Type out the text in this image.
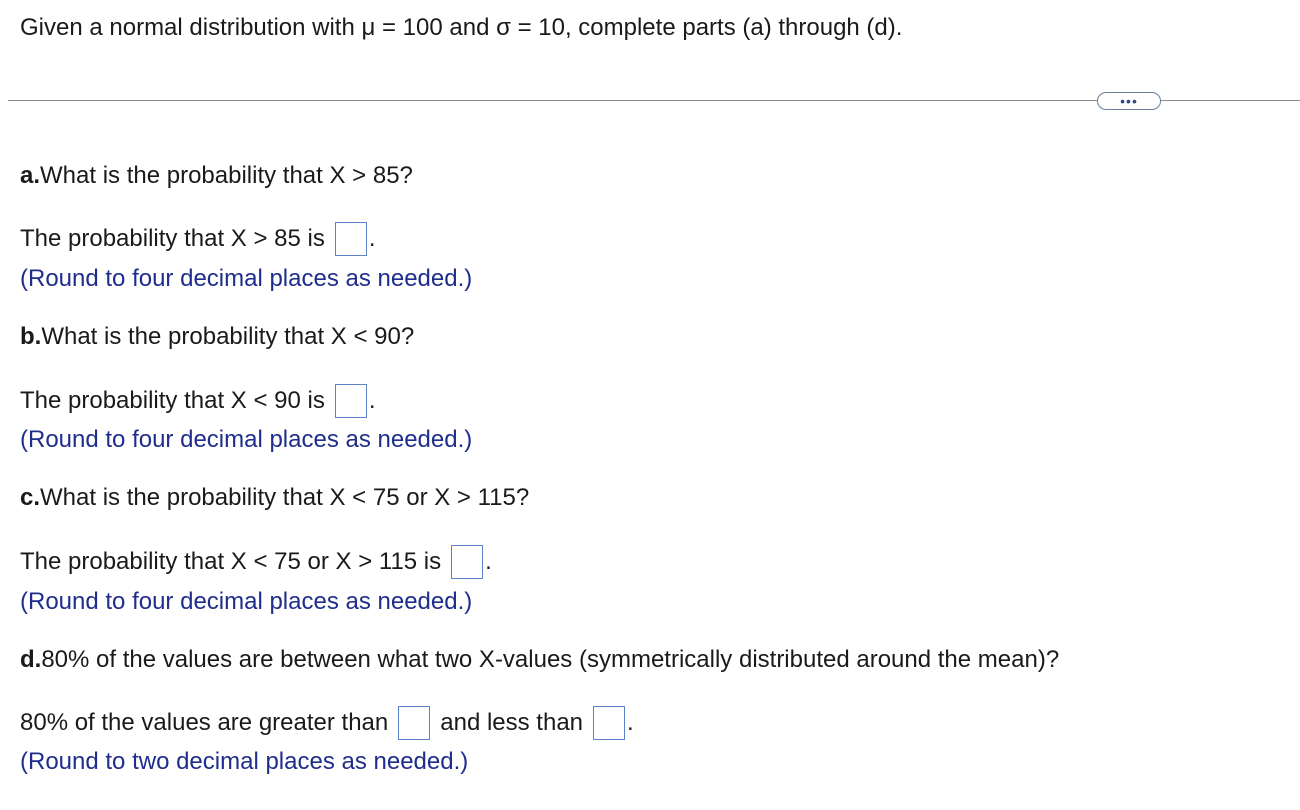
Given a normal distribution with μ = 100 and σ = 10, complete parts (a) through (d).
•••
a. What is the probability that X > 85?
The probability that X > 85 is .
(Round to four decimal places as needed.)
b. What is the probability that X < 90?
The probability that X < 90 is .
(Round to four decimal places as needed.)
c. What is the probability that X < 75 or X > 115?
The probability that X < 75 or X > 115 is .
(Round to four decimal places as needed.)
d. 80% of the values are between what two X-values (symmetrically distributed around the mean)?
80% of the values are greater than and less than .
(Round to two decimal places as needed.)
